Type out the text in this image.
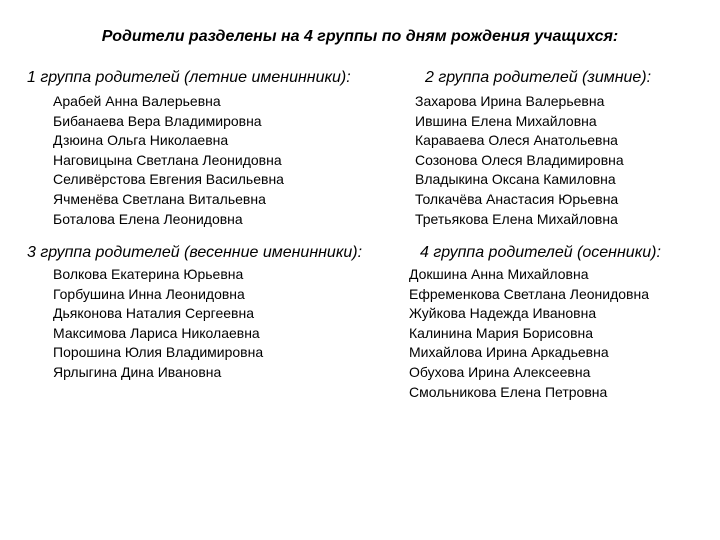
Родители разделены на 4 группы по дням рождения учащихся:
1 группа родителей (летние именинники):
Арабей Анна Валерьевна
Бибанаева Вера Владимировна
Дзюина Ольга Николаевна
Наговицына Светлана Леонидовна
Селивёрстова Евгения Васильевна
Ячменёва Светлана Витальевна
Боталова Елена Леонидовна
2 группа родителей (зимние):
Захарова Ирина Валерьевна
Ившина Елена Михайловна
Караваева Олеся Анатольевна
Созонова Олеся Владимировна
Владыкина Оксана Камиловна
Толкачёва Анастасия Юрьевна
Третьякова Елена Михайловна
3 группа родителей (весенние именинники):
Волкова Екатерина Юрьевна
Горбушина Инна Леонидовна
Дьяконова Наталия Сергеевна
Максимова Лариса Николаевна
Порошина Юлия Владимировна
Ярлыгина Дина Ивановна
4 группа родителей (осенники):
Докшина Анна Михайловна
Ефременкова Светлана Леонидовна
Жуйкова Надежда Ивановна
Калинина Мария Борисовна
Михайлова Ирина Аркадьевна
Обухова Ирина Алексеевна
Смольникова Елена Петровна
